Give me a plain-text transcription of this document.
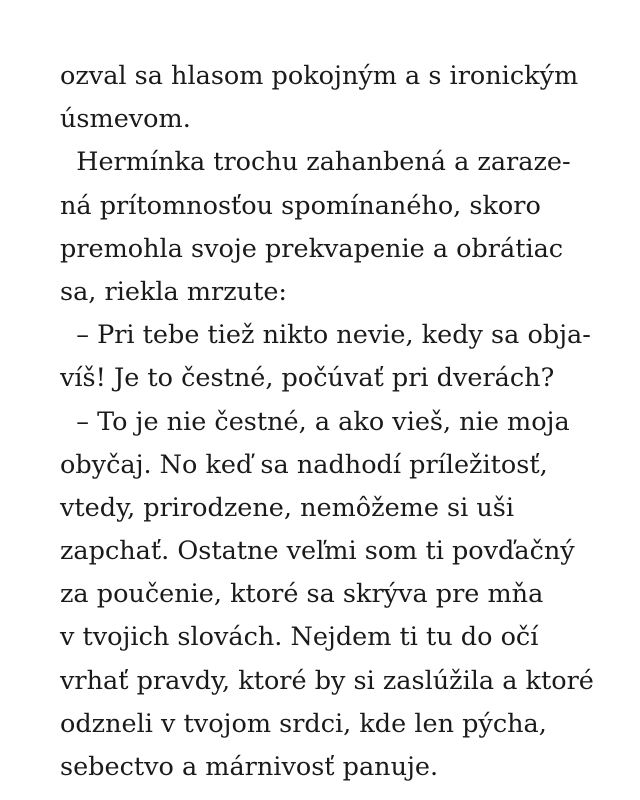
ozval sa hlasom pokojným a s ironickým
úsmevom.
Hermínka trochu zahanbená a zaraze-
ná prítomnosťou spomínaného, skoro
premohla svoje prekvapenie a obrátiac
sa, riekla mrzute:
– Pri tebe tiež nikto nevie, kedy sa obja-
víš! Je to čestné, počúvať pri dverách?
– To je nie čestné, a ako vieš, nie moja
obyčaj. No keď sa nadhodí príležitosť,
vtedy, prirodzene, nemôžeme si uši
zapchať. Ostatne veľmi som ti povďačný
za poučenie, ktoré sa skrýva pre mňa
v tvojich slovách. Nejdem ti tu do očí
vrhať pravdy, ktoré by si zaslúžila a ktoré
odzneli v tvojom srdci, kde len pýcha,
sebectvo a márnivosť panuje.
